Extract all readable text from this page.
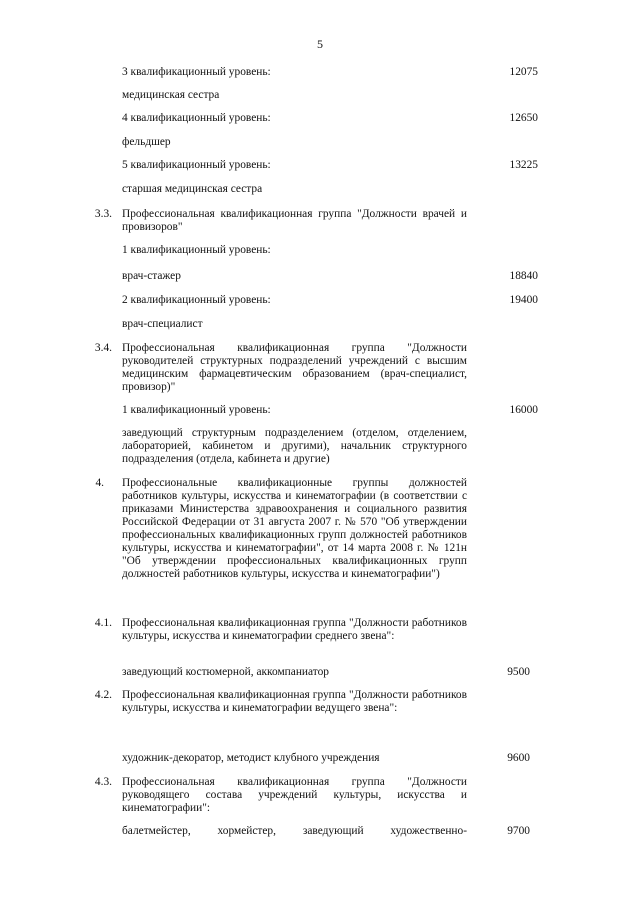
5
3 квалификационный уровень:	12075
медицинская сестра
4 квалификационный уровень:	12650
фельдшер
5 квалификационный уровень:	13225
старшая медицинская сестра
3.3. Профессиональная квалификационная группа "Должности врачей и провизоров"
1 квалификационный уровень:
врач-стажер	18840
2 квалификационный уровень:	19400
врач-специалист
3.4. Профессиональная квалификационная группа "Должности руководителей структурных подразделений учреждений с высшим медицинским фармацевтическим образованием (врач-специалист, провизор)"
1 квалификационный уровень:	16000
заведующий структурным подразделением (отделом, отделением, лабораторией, кабинетом и другими), начальник структурного подразделения (отдела, кабинета и другие)
4. Профессиональные квалификационные группы должностей работников культуры, искусства и кинематографии (в соответствии с приказами Министерства здравоохранения и социального развития Российской Федерации от 31 августа 2007 г. № 570 "Об утверждении профессиональных квалификационных групп должностей работников культуры, искусства и кинематографии", от 14 марта 2008 г. № 121н "Об утверждении профессиональных квалификационных групп должностей работников культуры, искусства и кинематографии")
4.1. Профессиональная квалификационная группа "Должности работников культуры, искусства и кинематографии среднего звена":
заведующий костюмерной, аккомпаниатор	9500
4.2. Профессиональная квалификационная группа "Должности работников культуры, искусства и кинематографии ведущего звена":
художник-декоратор, методист клубного учреждения	9600
4.3. Профессиональная квалификационная группа "Должности руководящего состава учреждений культуры, искусства и кинематографии":
балетмейстер, хормейстер, заведующий художественно-	9700
